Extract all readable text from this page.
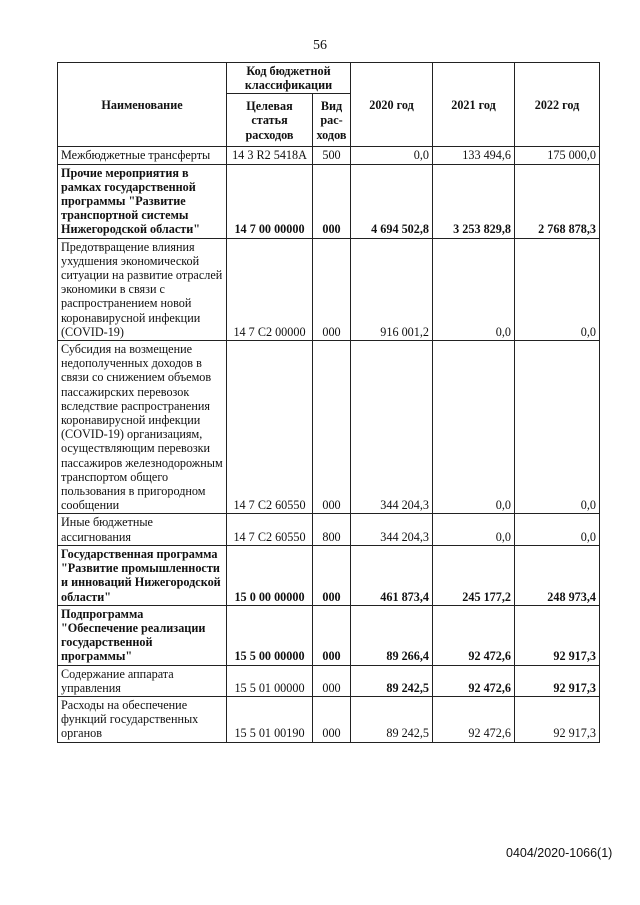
56
Наименование	Код бюджетной классификации		2020 год	2021 год	2022 год
	Целевая статья расходов	Вид рас-ходов			
Межбюджетные трансферты	14 3 R2 5418A	500	0,0	133 494,6	175 000,0
Прочие мероприятия в рамках государственной программы "Развитие транспортной системы Нижегородской области"	14 7 00 00000	000	4 694 502,8	3 253 829,8	2 768 878,3
Предотвращение влияния ухудшения экономической ситуации на развитие отраслей экономики в связи с распространением новой коронавирусной инфекции (COVID-19)	14 7 C2 00000	000	916 001,2	0,0	0,0
Субсидия на возмещение недополученных доходов в связи со снижением объемов пассажирских перевозок вследствие распространения коронавирусной инфекции (COVID-19) организациям, осуществляющим перевозки пассажиров железнодорожным транспортом общего пользования в пригородном сообщении	14 7 C2 60550	000	344 204,3	0,0	0,0
Иные бюджетные ассигнования	14 7 C2 60550	800	344 204,3	0,0	0,0
Государственная программа "Развитие промышленности и инноваций Нижегородской области"	15 0 00 00000	000	461 873,4	245 177,2	248 973,4
Подпрограмма "Обеспечение реализации государственной программы"	15 5 00 00000	000	89 266,4	92 472,6	92 917,3
Содержание аппарата управления	15 5 01 00000	000	89 242,5	92 472,6	92 917,3
Расходы на обеспечение функций государственных органов	15 5 01 00190	000	89 242,5	92 472,6	92 917,3
0404/2020-1066(1)
